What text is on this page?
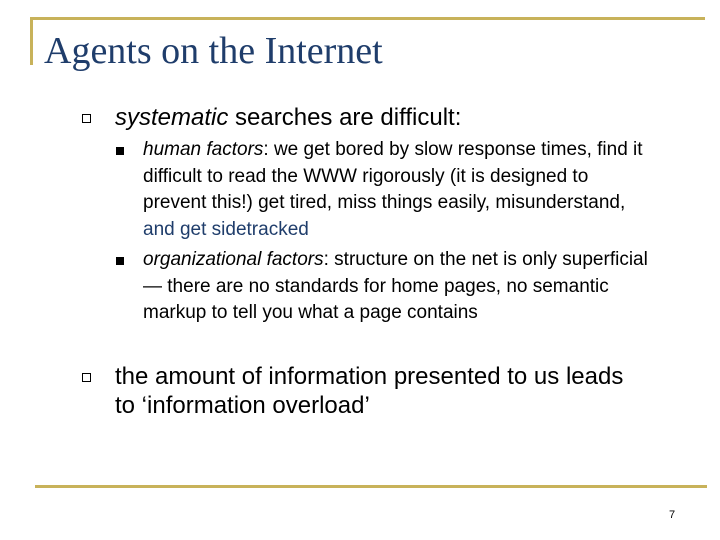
Agents on the Internet
systematic searches are difficult:
human factors: we get bored by slow response times, find it difficult to read the WWW rigorously (it is designed to prevent this!) get tired, miss things easily, misunderstand, and get sidetracked
organizational factors: structure on the net is only superficial — there are no standards for home pages, no semantic markup to tell you what a page contains
the amount of information presented to us leads to ‘information overload’
7
